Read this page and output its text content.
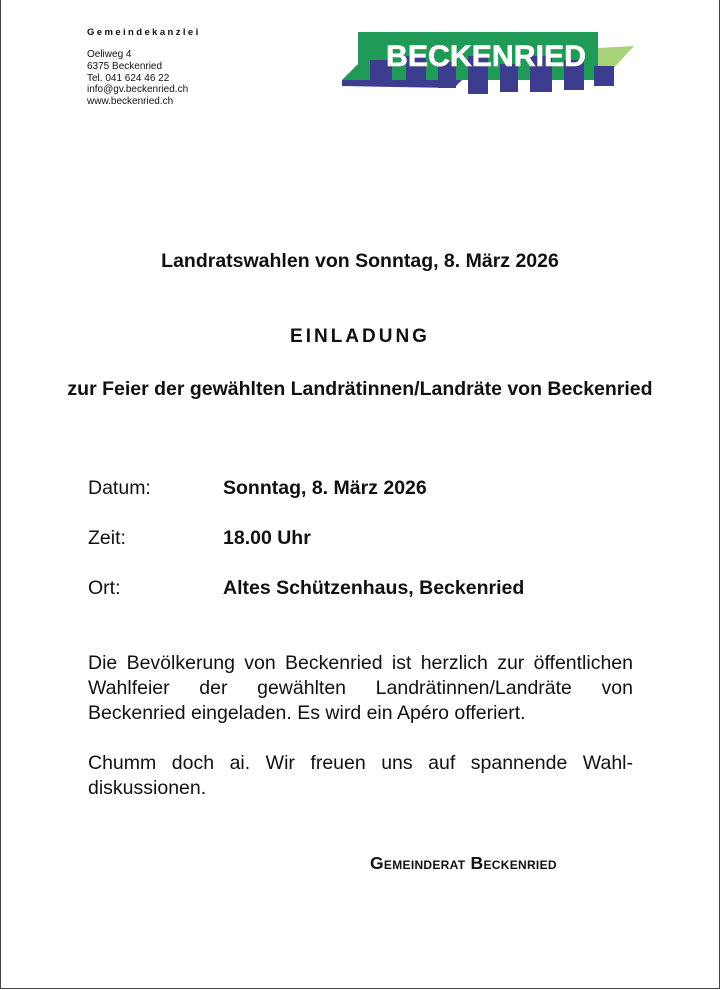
Gemeindekanzlei
Oeliweg 4
6375 Beckenried
Tel. 041 624 46 22
info@gv.beckenried.ch
www.beckenried.ch
BECKENRIED
Landratswahlen von Sonntag, 8. März 2026
EINLADUNG
zur Feier der gewählten Landrätinnen/Landräte von Beckenried
Datum:	Sonntag, 8. März 2026
Zeit:	18.00 Uhr
Ort:	Altes Schützenhaus, Beckenried
Die Bevölkerung von Beckenried ist herzlich zur öffentlichen Wahlfeier der gewählten Landrätinnen/Landräte von Beckenried eingeladen. Es wird ein Apéro offeriert.
Chumm doch ai. Wir freuen uns auf spannende Wahldiskussionen.
Gemeinderat Beckenried
